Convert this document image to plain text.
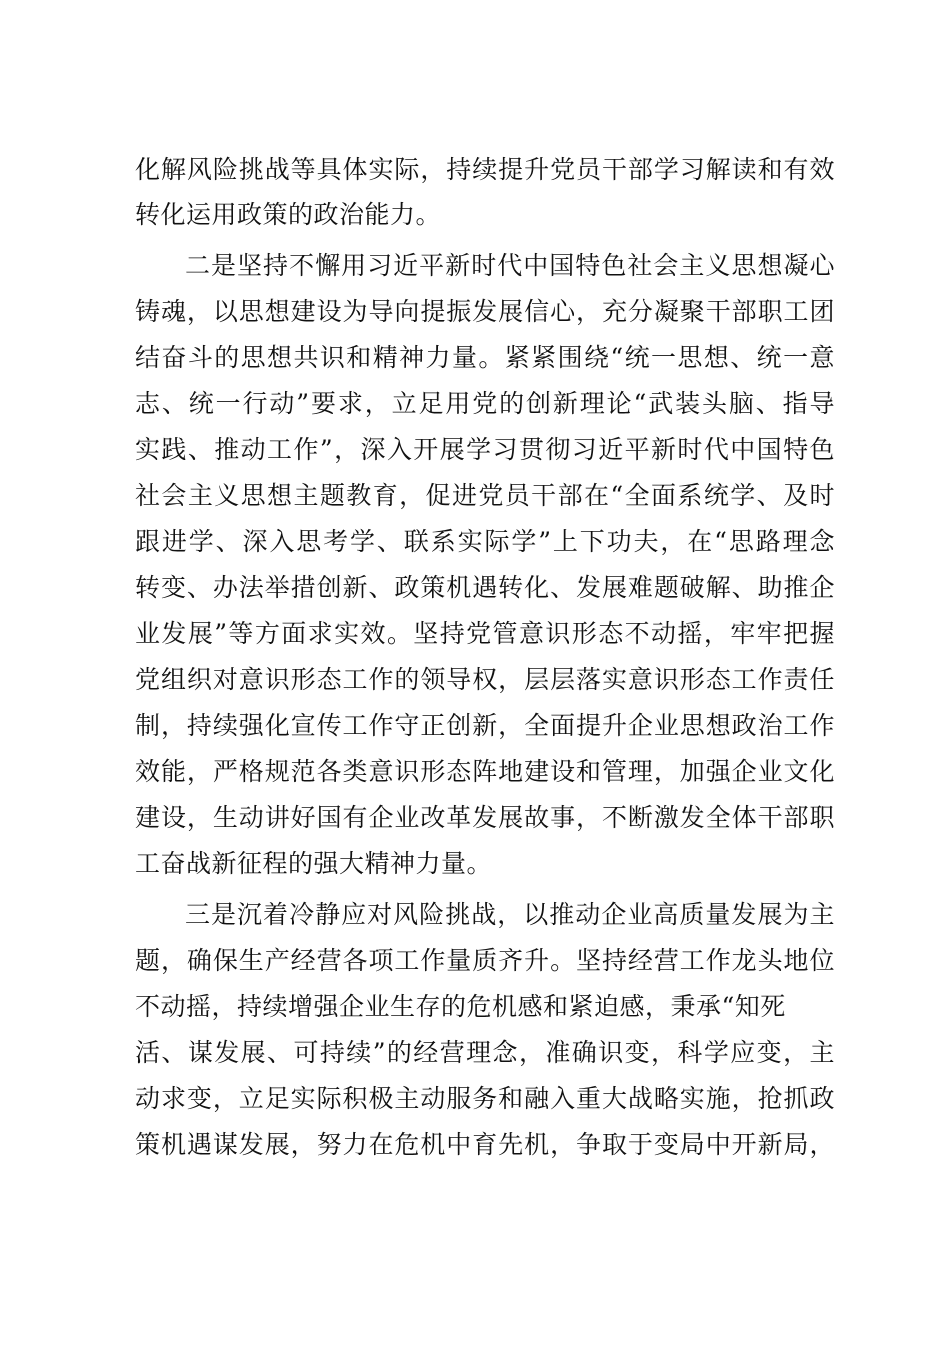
化解风险挑战等具体实际，持续提升党员干部学习解读和有效
转化运用政策的政治能力。
二是坚持不懈用习近平新时代中国特色社会主义思想凝心
铸魂，以思想建设为导向提振发展信心，充分凝聚干部职工团
结奋斗的思想共识和精神力量。紧紧围绕“统一思想、统一意
志、统一行动”要求，立足用党的创新理论“武装头脑、指导
实践、推动工作”，深入开展学习贯彻习近平新时代中国特色
社会主义思想主题教育，促进党员干部在“全面系统学、及时
跟进学、深入思考学、联系实际学”上下功夫，在“思路理念
转变、办法举措创新、政策机遇转化、发展难题破解、助推企
业发展”等方面求实效。坚持党管意识形态不动摇，牢牢把握
党组织对意识形态工作的领导权，层层落实意识形态工作责任
制，持续强化宣传工作守正创新，全面提升企业思想政治工作
效能，严格规范各类意识形态阵地建设和管理，加强企业文化
建设，生动讲好国有企业改革发展故事，不断激发全体干部职
工奋战新征程的强大精神力量。
三是沉着冷静应对风险挑战，以推动企业高质量发展为主
题，确保生产经营各项工作量质齐升。坚持经营工作龙头地位
不动摇，持续增强企业生存的危机感和紧迫感，秉承“知死
活、谋发展、可持续”的经营理念，准确识变，科学应变，主
动求变，立足实际积极主动服务和融入重大战略实施，抢抓政
策机遇谋发展，努力在危机中育先机，争取于变局中开新局，
